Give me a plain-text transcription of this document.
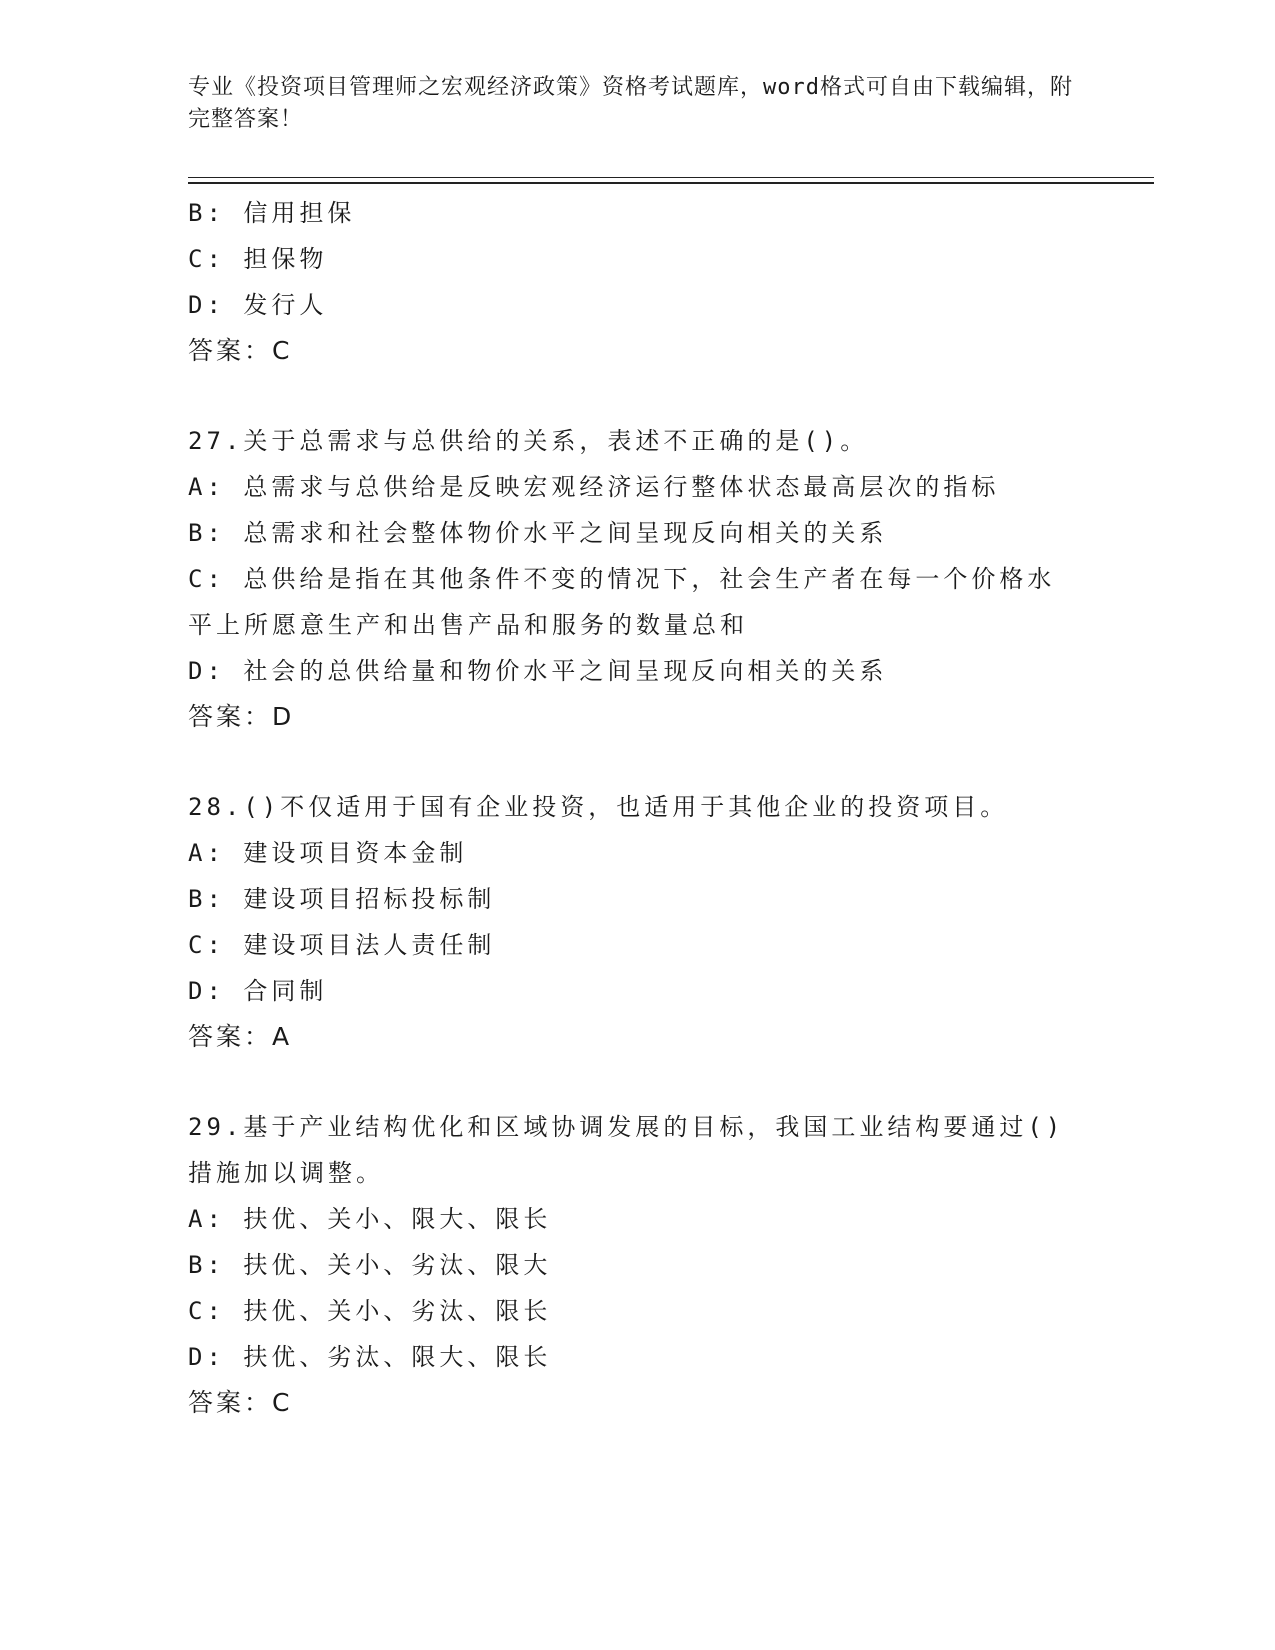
专业《投资项目管理师之宏观经济政策》资格考试题库，word格式可自由下载编辑，附完整答案！
B: 信用担保
C: 担保物
D: 发行人
答案：C
27.关于总需求与总供给的关系，表述不正确的是()。
A: 总需求与总供给是反映宏观经济运行整体状态最高层次的指标
B: 总需求和社会整体物价水平之间呈现反向相关的关系
C: 总供给是指在其他条件不变的情况下，社会生产者在每一个价格水平上所愿意生产和出售产品和服务的数量总和
D: 社会的总供给量和物价水平之间呈现反向相关的关系
答案：D
28.()不仅适用于国有企业投资，也适用于其他企业的投资项目。
A: 建设项目资本金制
B: 建设项目招标投标制
C: 建设项目法人责任制
D: 合同制
答案：A
29.基于产业结构优化和区域协调发展的目标，我国工业结构要通过()措施加以调整。
A: 扶优、关小、限大、限长
B: 扶优、关小、劣汰、限大
C: 扶优、关小、劣汰、限长
D: 扶优、劣汰、限大、限长
答案：C
